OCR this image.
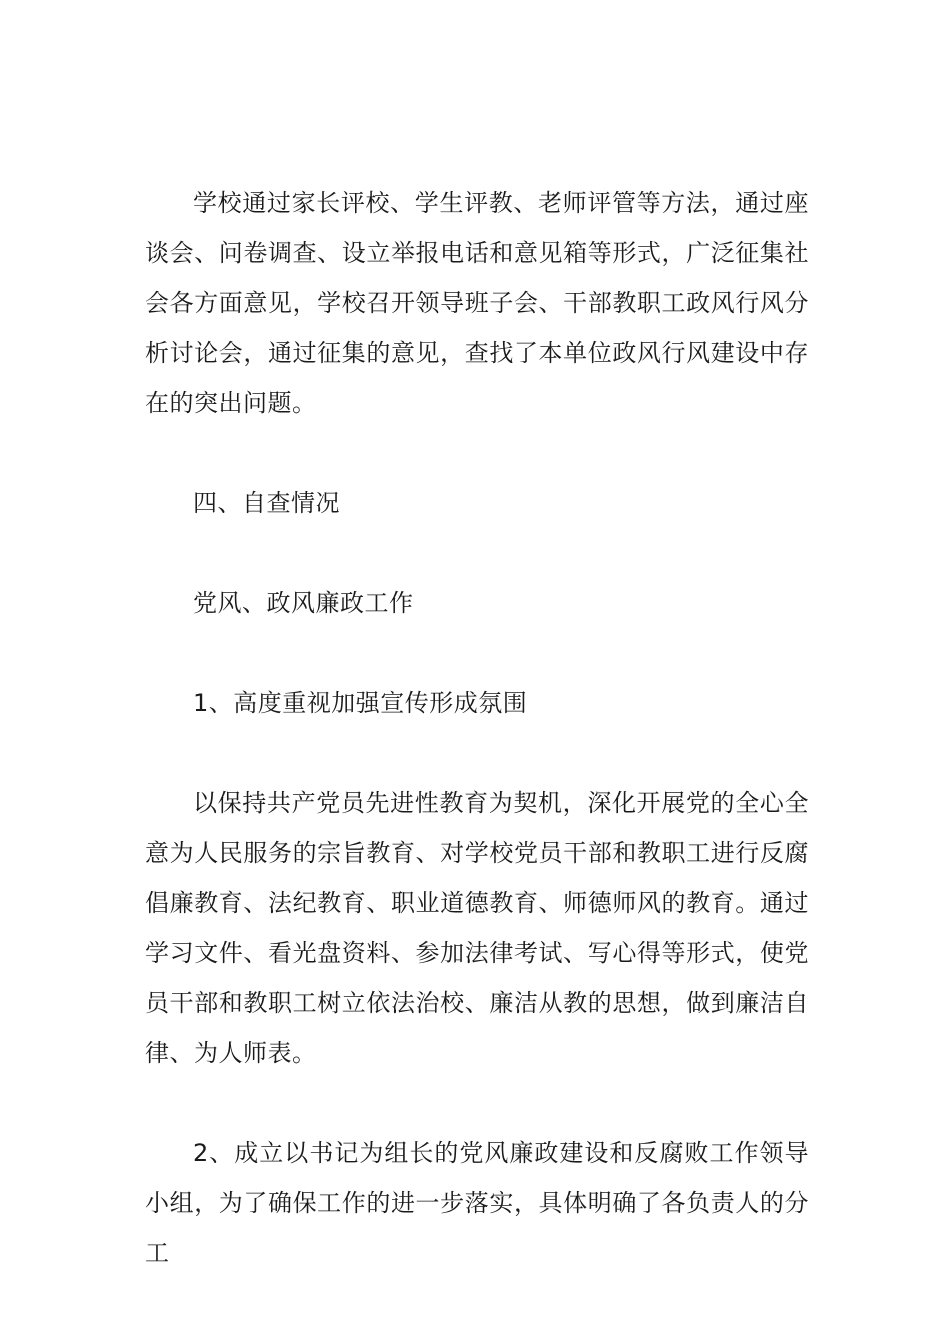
学校通过家长评校、学生评教、老师评管等方法，通过座谈会、问卷调查、设立举报电话和意见箱等形式，广泛征集社会各方面意见，学校召开领导班子会、干部教职工政风行风分析讨论会，通过征集的意见，查找了本单位政风行风建设中存在的突出问题。

四、自查情况

党风、政风廉政工作

1、高度重视加强宣传形成氛围

以保持共产党员先进性教育为契机，深化开展党的全心全意为人民服务的宗旨教育、对学校党员干部和教职工进行反腐倡廉教育、法纪教育、职业道德教育、师德师风的教育。通过学习文件、看光盘资料、参加法律考试、写心得等形式，使党员干部和教职工树立依法治校、廉洁从教的思想，做到廉洁自律、为人师表。

2、成立以书记为组长的党风廉政建设和反腐败工作领导小组，为了确保工作的进一步落实，具体明确了各负责人的分工
